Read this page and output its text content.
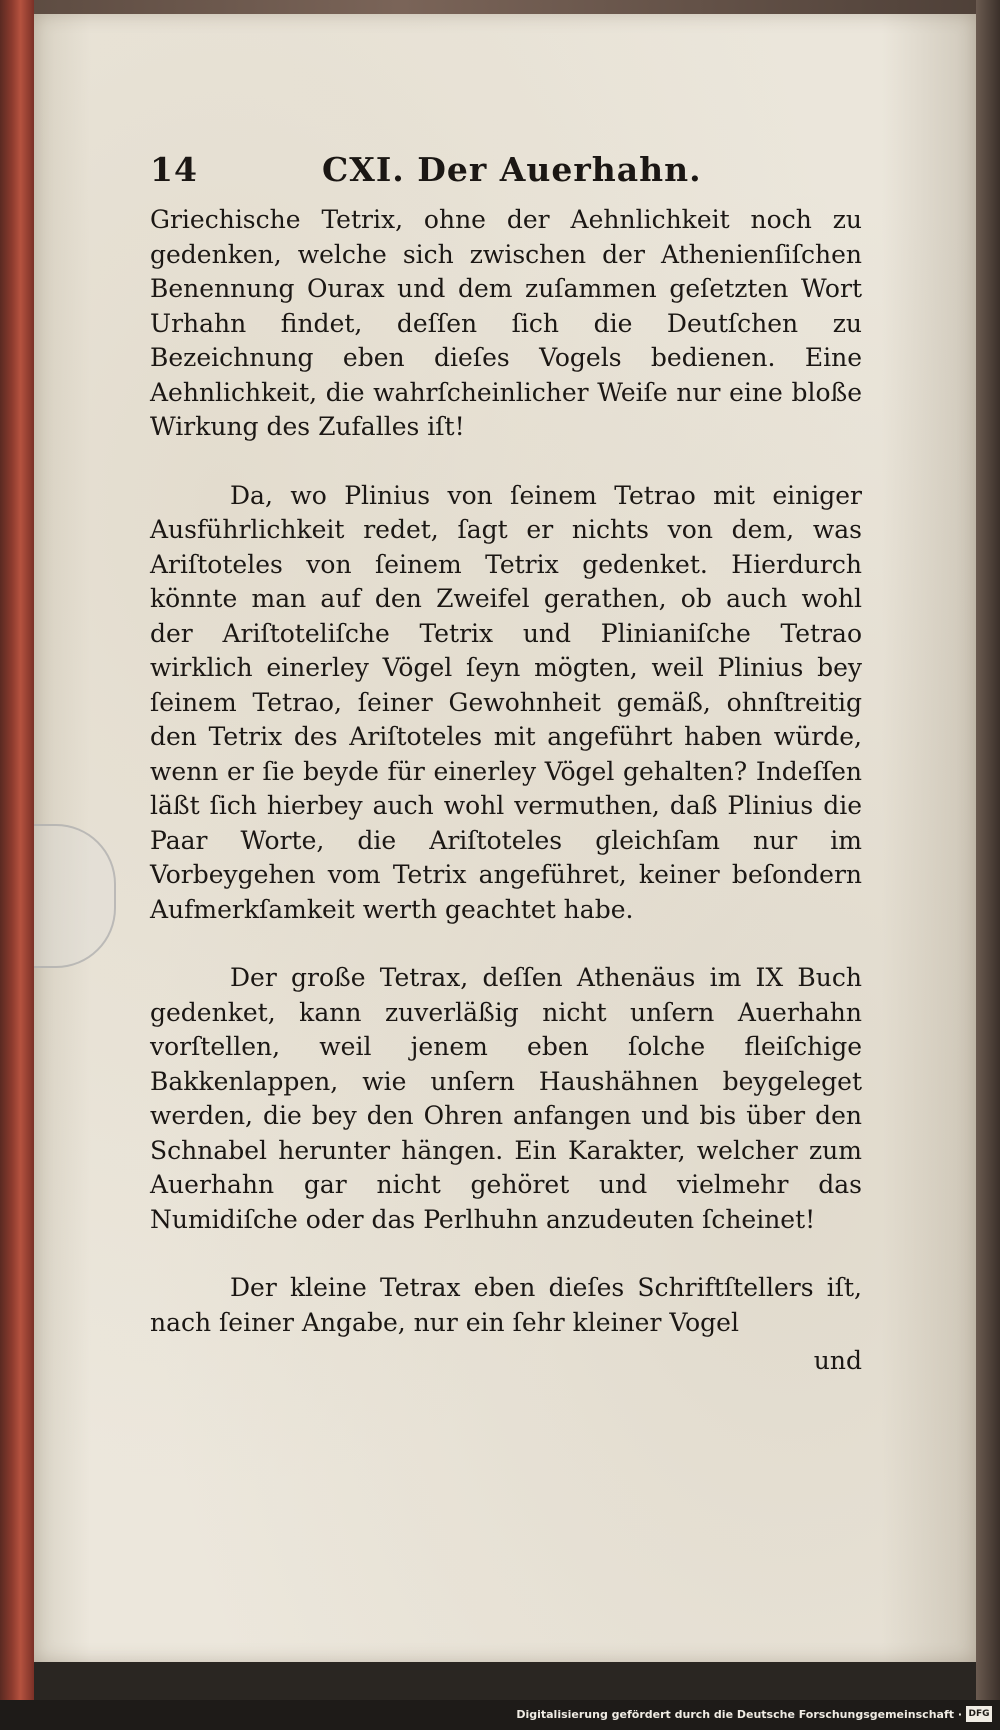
14	CXI. Der Auerhahn.

Griechische Tetrix, ohne der Aehnlichkeit noch zu gedenken, welche sich zwischen der Athenienſiſchen Benennung Ourax und dem zuſammen geſetzten Wort Urhahn findet, deſſen ſich die Deutſchen zu Bezeichnung eben dieſes Vogels bedienen. Eine Aehnlichkeit, die wahrſcheinlicher Weiſe nur eine bloße Wirkung des Zufalles iſt!

Da, wo Plinius von ſeinem Tetrao mit einiger Ausführlichkeit redet, ſagt er nichts von dem, was Ariſtoteles von ſeinem Tetrix gedenket. Hierdurch könnte man auf den Zweifel gerathen, ob auch wohl der Ariſtoteliſche Tetrix und Plinianiſche Tetrao wirklich einerley Vögel ſeyn mögten, weil Plinius bey ſeinem Tetrao, ſeiner Gewohnheit gemäß, ohnſtreitig den Tetrix des Ariſtoteles mit angeführt haben würde, wenn er ſie beyde für einerley Vögel gehalten? Indeſſen läßt ſich hierbey auch wohl vermuthen, daß Plinius die Paar Worte, die Ariſtoteles gleichſam nur im Vorbeygehen vom Tetrix angeführet, keiner beſondern Aufmerkſamkeit werth geachtet habe.

Der große Tetrax, deſſen Athenäus im IX Buch gedenket, kann zuverläßig nicht unſern Auerhahn vorſtellen, weil jenem eben ſolche fleiſchige Bakkenlappen, wie unſern Haushähnen beygeleget werden, die bey den Ohren anfangen und bis über den Schnabel herunter hängen. Ein Karakter, welcher zum Auerhahn gar nicht gehöret und vielmehr das Numidiſche oder das Perlhuhn anzudeuten ſcheinet!

Der kleine Tetrax eben dieſes Schriftſtellers iſt, nach ſeiner Angabe, nur ein ſehr kleiner Vogel

und
Digitalisierung gefördert durch die Deutsche Forschungsgemeinschaft · DFG
